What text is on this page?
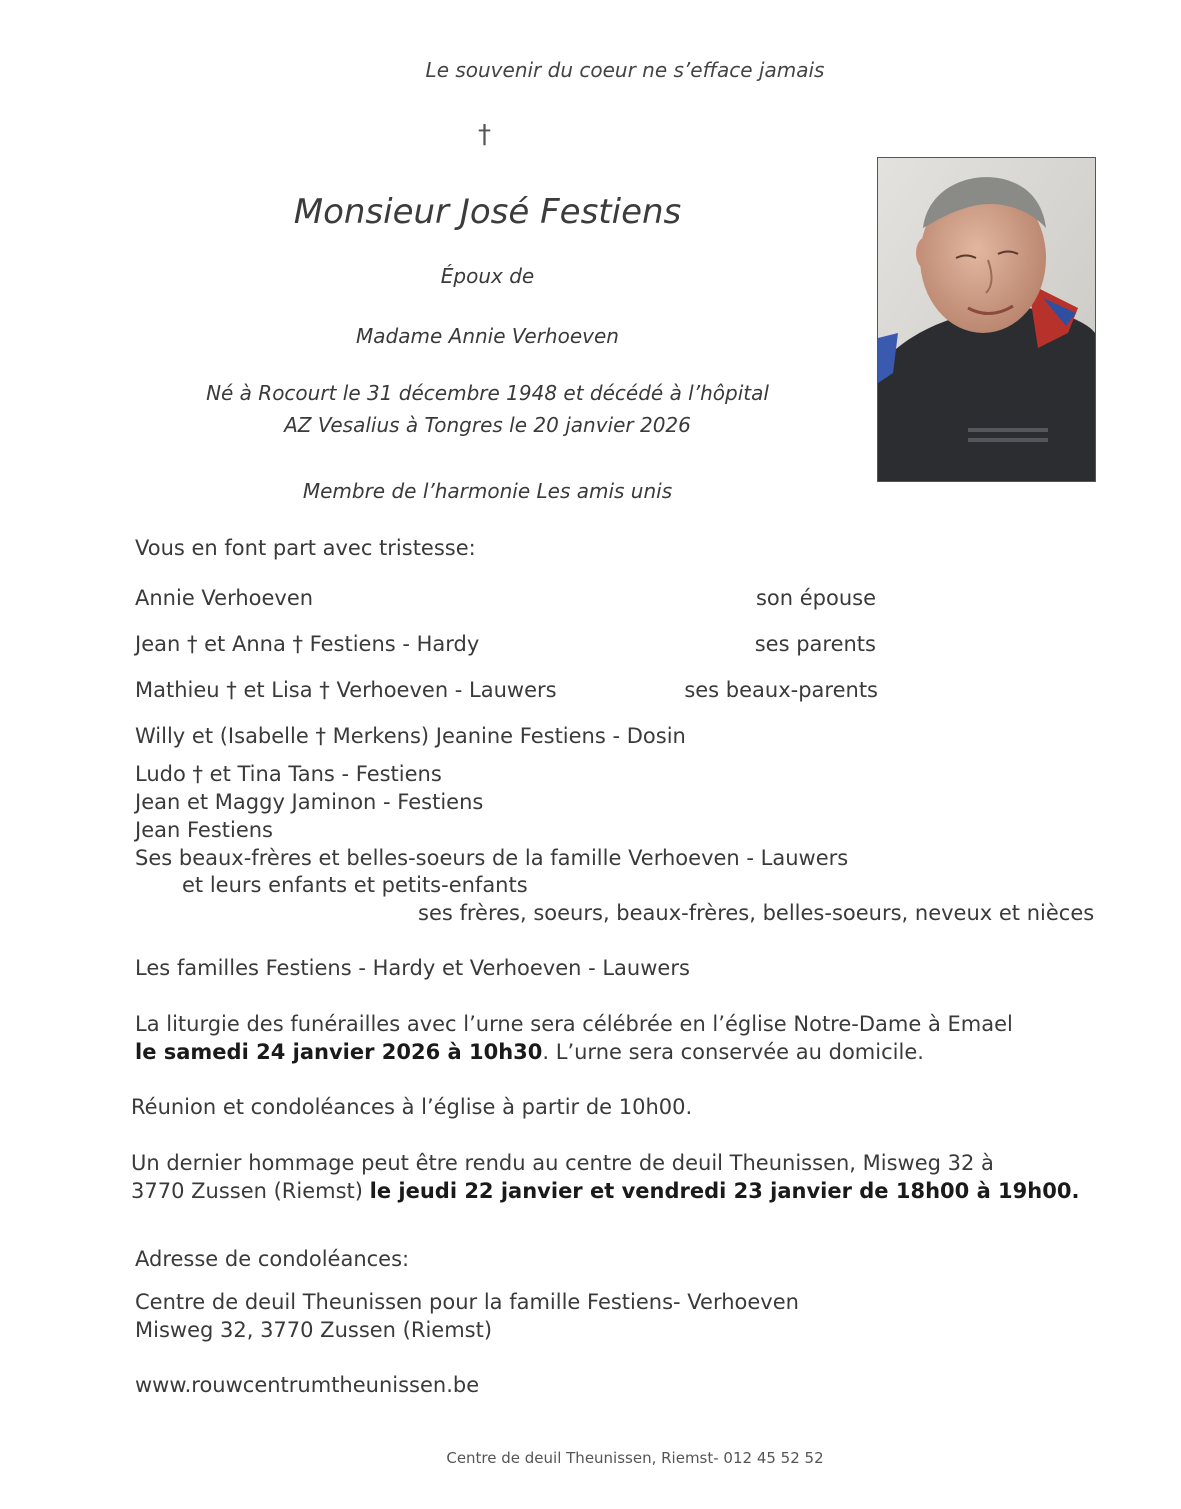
Le souvenir du coeur ne s’efface jamais
†
Monsieur José Festiens
Époux de
Madame Annie Verhoeven
Né à Rocourt le 31 décembre 1948 et décédé à l’hôpital
AZ Vesalius à Tongres le 20 janvier 2026
Membre de l’harmonie Les amis unis
Vous en font part avec tristesse:
Annie Verhoeven	son épouse
Jean † et Anna † Festiens - Hardy	ses parents
Mathieu † et Lisa † Verhoeven - Lauwers	ses beaux-parents
Willy et (Isabelle † Merkens) Jeanine Festiens - Dosin
Ludo † et Tina Tans - Festiens
Jean et Maggy Jaminon - Festiens
Jean Festiens
Ses beaux-frères et belles-soeurs de la famille Verhoeven - Lauwers
et leurs enfants et petits-enfants
ses frères, soeurs, beaux-frères, belles-soeurs, neveux et nièces
Les familles Festiens - Hardy et Verhoeven - Lauwers
La liturgie des funérailles avec l’urne sera célébrée en l’église Notre-Dame à Emael
le samedi 24 janvier 2026 à 10h30. L’urne sera conservée au domicile.
Réunion et condoléances à l’église à partir de 10h00.
Un dernier hommage peut être rendu au centre de deuil Theunissen, Misweg 32 à
3770 Zussen (Riemst) le jeudi 22 janvier et vendredi 23 janvier de 18h00 à 19h00.
Adresse de condoléances:
Centre de deuil Theunissen pour la famille Festiens- Verhoeven
Misweg 32, 3770 Zussen (Riemst)
www.rouwcentrumtheunissen.be
Centre de deuil Theunissen, Riemst- 012 45 52 52
